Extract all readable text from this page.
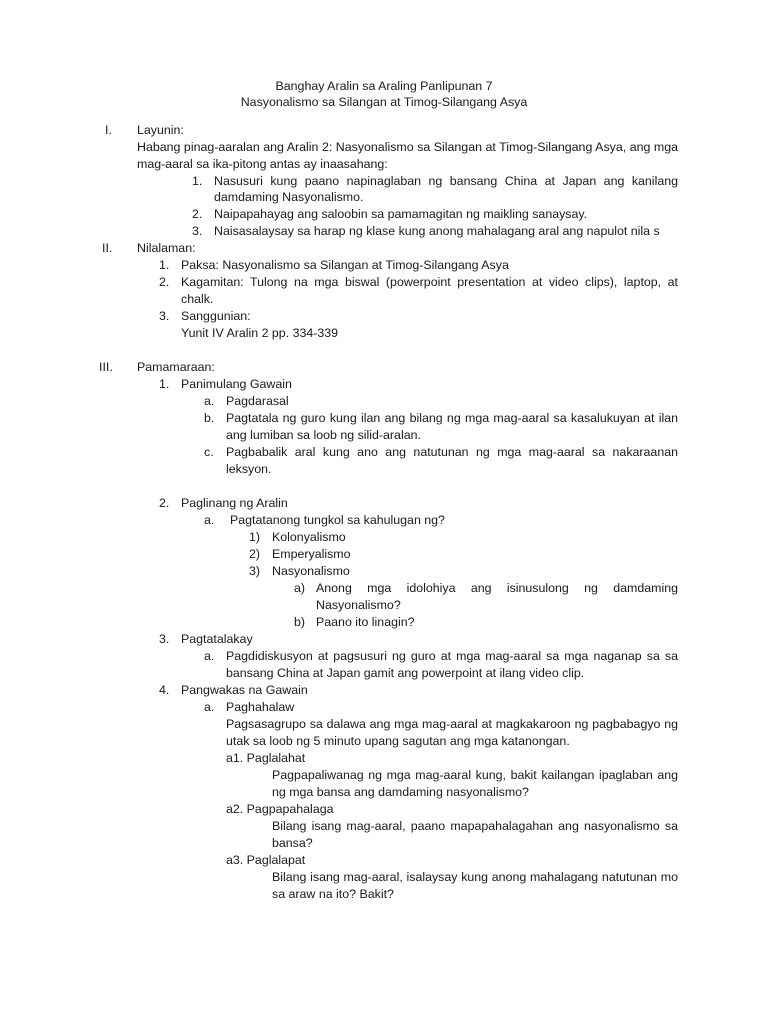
Banghay Aralin sa Araling Panlipunan 7
Nasyonalismo sa Silangan at Timog-Silangang Asya
I. Layunin:
Habang pinag-aaralan ang Aralin 2: Nasyonalismo sa Silangan at Timog-Silangang Asya, ang mga
mag-aaral sa ika-pitong antas ay inaasahang:
1. Nasusuri kung paano napinaglaban ng bansang China at Japan ang kanilang
damdaming Nasyonalismo.
2. Naipapahayag ang saloobin sa pamamagitan ng maikling sanaysay.
3. Naisasalaysay sa harap ng klase kung anong mahalagang aral ang napulot nila s
II. Nilalaman:
1. Paksa: Nasyonalismo sa Silangan at Timog-Silangang Asya
2. Kagamitan: Tulong na mga biswal (powerpoint presentation at video clips), laptop, at
chalk.
3. Sanggunian:
Yunit IV Aralin 2 pp. 334-339
III. Pamamaraan:
1. Panimulang Gawain
a. Pagdarasal
b. Pagtatala ng guro kung ilan ang bilang ng mga mag-aaral sa kasalukuyan at ilan
ang lumiban sa loob ng silid-aralan.
c. Pagbabalik aral kung ano ang natutunan ng mga mag-aaral sa nakaraanan
leksyon.
2. Paglinang ng Aralin
a. Pagtatanong tungkol sa kahulugan ng?
1) Kolonyalismo
2) Emperyalismo
3) Nasyonalismo
a) Anong mga idolohiya ang isinusulong ng damdaming
Nasyonalismo?
b) Paano ito linagin?
3. Pagtatalakay
a. Pagdidiskusyon at pagsusuri ng guro at mga mag-aaral sa mga naganap sa sa
bansang China at Japan gamit ang powerpoint at ilang video clip.
4. Pangwakas na Gawain
a. Paghahalaw
Pagsasagrupo sa dalawa ang mga mag-aaral at magkakaroon ng pagbabagyo ng
utak sa loob ng 5 minuto upang sagutan ang mga katanongan.
a1. Paglalahat
Pagpapaliwanag ng mga mag-aaral kung, bakit kailangan ipaglaban ang
ng mga bansa ang damdaming nasyonalismo?
a2. Pagpapahalaga
Bilang isang mag-aaral, paano mapapahalagahan ang nasyonalismo sa
bansa?
a3. Paglalapat
Bilang isang mag-aaral, isalaysay kung anong mahalagang natutunan mo
sa araw na ito? Bakit?
